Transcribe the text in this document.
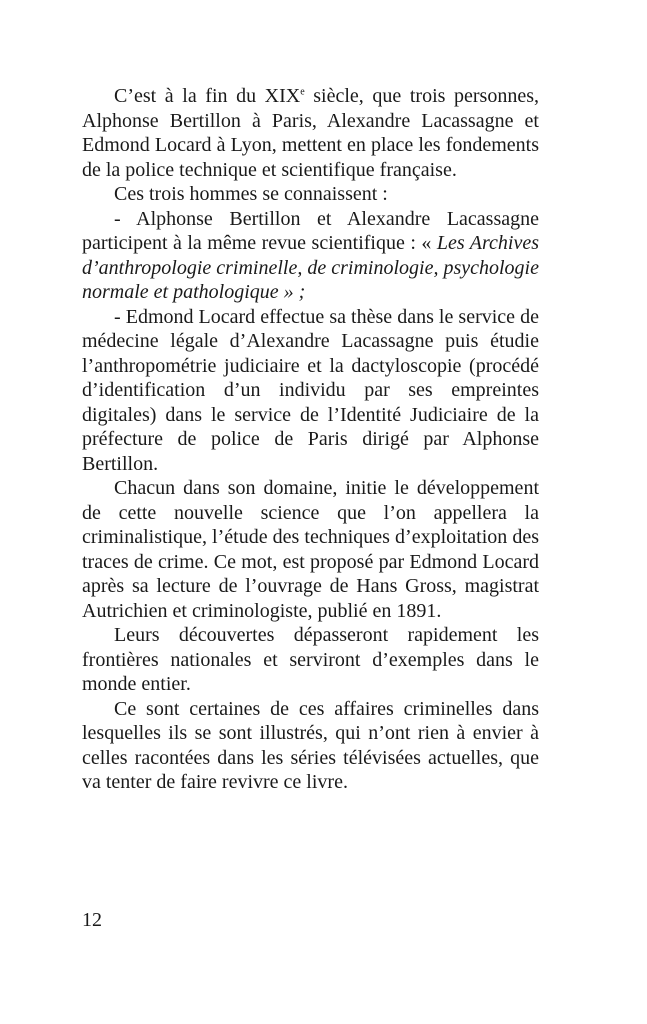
C’est à la fin du XIXe siècle, que trois personnes, Alphonse Bertillon à Paris, Alexandre Lacassagne et Edmond Locard à Lyon, mettent en place les fondements de la police technique et scientifique française.

Ces trois hommes se connaissent :

- Alphonse Bertillon et Alexandre Lacassagne participent à la même revue scientifique : « Les Archives d’anthropologie criminelle, de criminologie, psychologie normale et pathologique » ;

- Edmond Locard effectue sa thèse dans le service de médecine légale d’Alexandre Lacassagne puis étudie l’anthropométrie judiciaire et la dactyloscopie (procédé d’identification d’un individu par ses empreintes digitales) dans le service de l’Identité Judiciaire de la préfecture de police de Paris dirigé par Alphonse Bertillon.

Chacun dans son domaine, initie le développement de cette nouvelle science que l’on appellera la criminalistique, l’étude des techniques d’exploitation des traces de crime. Ce mot, est proposé par Edmond Locard après sa lecture de l’ouvrage de Hans Gross, magistrat Autrichien et criminologiste, publié en 1891.

Leurs découvertes dépasseront rapidement les frontières nationales et serviront d’exemples dans le monde entier.

Ce sont certaines de ces affaires criminelles dans lesquelles ils se sont illustrés, qui n’ont rien à envier à celles racontées dans les séries télévisées actuelles, que va tenter de faire revivre ce livre.

12
